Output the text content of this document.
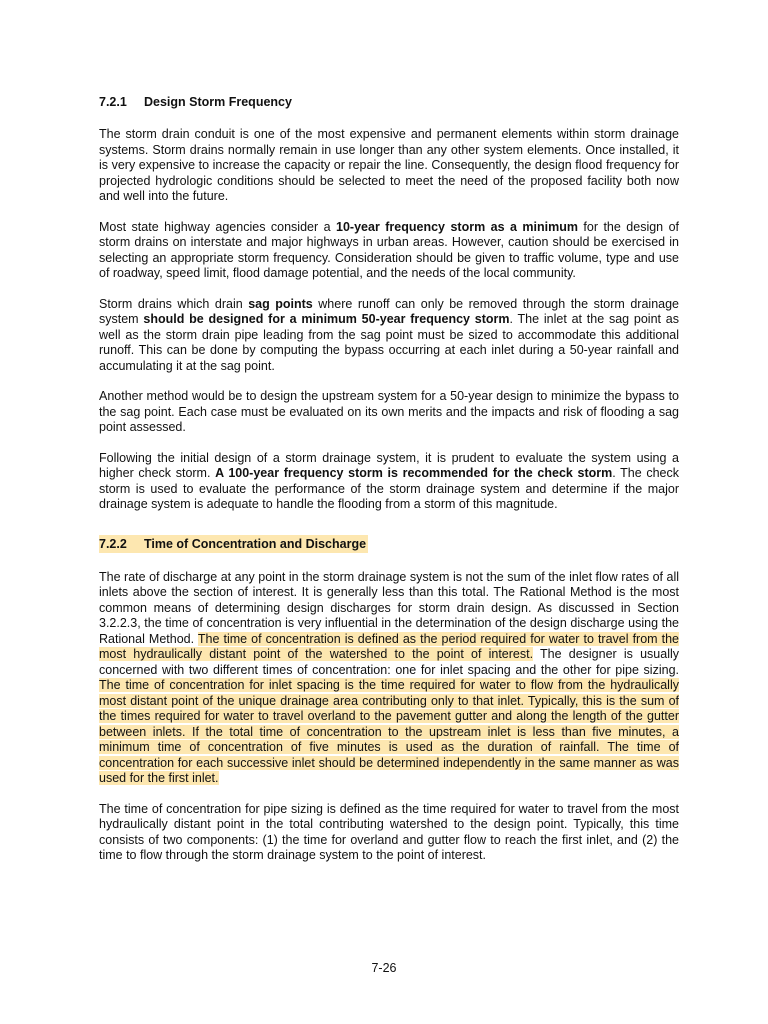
7.2.1 Design Storm Frequency

The storm drain conduit is one of the most expensive and permanent elements within storm drainage systems. Storm drains normally remain in use longer than any other system elements. Once installed, it is very expensive to increase the capacity or repair the line. Consequently, the design flood frequency for projected hydrologic conditions should be selected to meet the need of the proposed facility both now and well into the future.

Most state highway agencies consider a 10-year frequency storm as a minimum for the design of storm drains on interstate and major highways in urban areas. However, caution should be exercised in selecting an appropriate storm frequency. Consideration should be given to traffic volume, type and use of roadway, speed limit, flood damage potential, and the needs of the local community.

Storm drains which drain sag points where runoff can only be removed through the storm drainage system should be designed for a minimum 50-year frequency storm. The inlet at the sag point as well as the storm drain pipe leading from the sag point must be sized to accommodate this additional runoff. This can be done by computing the bypass occurring at each inlet during a 50-year rainfall and accumulating it at the sag point.

Another method would be to design the upstream system for a 50-year design to minimize the bypass to the sag point. Each case must be evaluated on its own merits and the impacts and risk of flooding a sag point assessed.

Following the initial design of a storm drainage system, it is prudent to evaluate the system using a higher check storm. A 100-year frequency storm is recommended for the check storm. The check storm is used to evaluate the performance of the storm drainage system and determine if the major drainage system is adequate to handle the flooding from a storm of this magnitude.

7.2.2 Time of Concentration and Discharge

The rate of discharge at any point in the storm drainage system is not the sum of the inlet flow rates of all inlets above the section of interest. It is generally less than this total. The Rational Method is the most common means of determining design discharges for storm drain design. As discussed in Section 3.2.2.3, the time of concentration is very influential in the determination of the design discharge using the Rational Method. The time of concentration is defined as the period required for water to travel from the most hydraulically distant point of the watershed to the point of interest. The designer is usually concerned with two different times of concentration: one for inlet spacing and the other for pipe sizing. The time of concentration for inlet spacing is the time required for water to flow from the hydraulically most distant point of the unique drainage area contributing only to that inlet. Typically, this is the sum of the times required for water to travel overland to the pavement gutter and along the length of the gutter between inlets. If the total time of concentration to the upstream inlet is less than five minutes, a minimum time of concentration of five minutes is used as the duration of rainfall. The time of concentration for each successive inlet should be determined independently in the same manner as was used for the first inlet.

The time of concentration for pipe sizing is defined as the time required for water to travel from the most hydraulically distant point in the total contributing watershed to the design point. Typically, this time consists of two components: (1) the time for overland and gutter flow to reach the first inlet, and (2) the time to flow through the storm drainage system to the point of interest.

7-26
